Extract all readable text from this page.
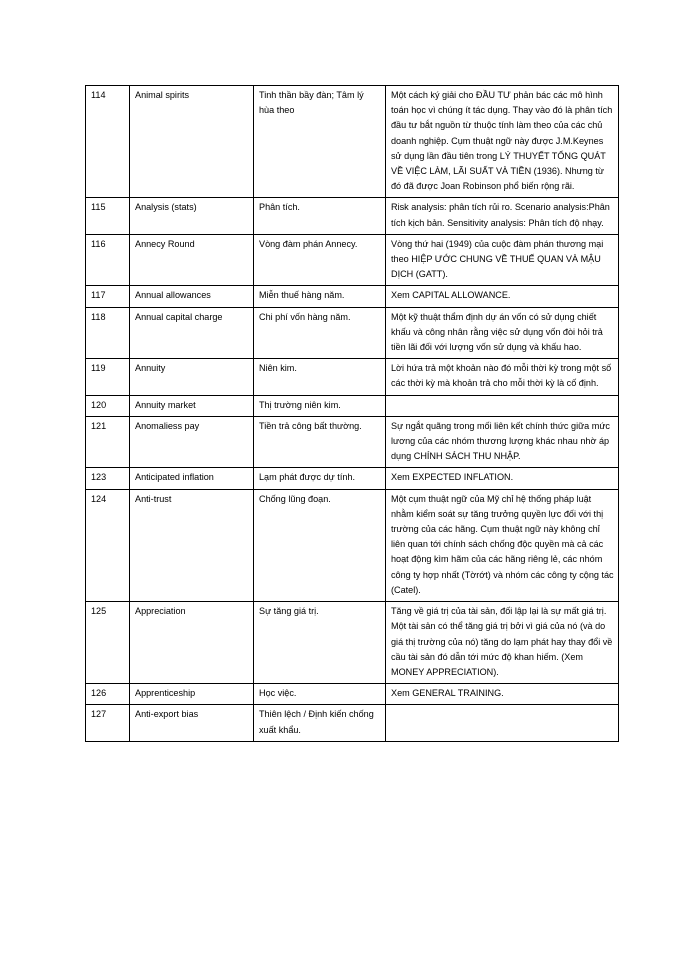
114	Animal spirits	Tinh thần bầy đàn; Tâm lý hùa theo	Một cách ký giải cho ĐẦU TƯ phản bác các mô hình toán học vì chúng ít tác dụng. Thay vào đó là phân tích đầu tư bắt nguồn từ thuộc tính làm theo của các chủ doanh nghiệp. Cụm thuật ngữ này được J.M.Keynes sử dụng lần đầu tiên trong LÝ THUYẾT TỔNG QUÁT VỀ VIỆC LÀM, LÃI SUẤT VÀ TIỀN (1936). Nhưng từ đó đã được Joan Robinson phổ biến rộng rãi.
115	Analysis (stats)	Phân tích.	Risk analysis: phân tích rủi ro. Scenario analysis:Phân tích kịch bản. Sensitivity analysis: Phân tích độ nhạy.
116	Annecy Round	Vòng đàm phán Annecy.	Vòng thứ hai (1949) của cuộc đàm phán thương mại theo HIỆP ƯỚC CHUNG VỀ THUẾ QUAN VÀ MẬU DỊCH (GATT).
117	Annual allowances	Miễn thuế hàng năm.	Xem CAPITAL ALLOWANCE.
118	Annual capital charge	Chi phí vốn hàng năm.	Một kỹ thuật thẩm định dự án vốn có sử dụng chiết khấu và công nhân rằng việc sử dụng vốn đòi hỏi trả tiền lãi đối với lượng vốn sử dụng và khấu hao.
119	Annuity	Niên kim.	Lời hứa trả một khoản nào đó mỗi thời kỳ trong một số các thời kỳ mà khoản trả cho mỗi thời kỳ là cố định.
120	Annuity market	Thị trường niên kim.	
121	Anomaliess pay	Tiền trả công bất thường.	Sự ngắt quãng trong mối liên kết chính thức giữa mức lương của các nhóm thương lượng khác nhau nhờ áp dụng CHÍNH SÁCH THU NHẬP.
123	Anticipated inflation	Lạm phát được dự tính.	Xem EXPECTED INFLATION.
124	Anti-trust	Chống lũng đoạn.	Một cụm thuật ngữ của Mỹ chỉ hệ thống pháp luật nhằm kiểm soát sự tăng trưởng quyền lực đối với thị trường của các hãng. Cụm thuật ngữ này không chỉ liên quan tới chính sách chống độc quyền mà cả các hoạt động kìm hãm của các hãng riêng lẻ, các nhóm công ty hợp nhất (Tờrớt) và nhóm các công ty cộng tác (Catel).
125	Appreciation	Sự tăng giá trị.	Tăng về giá trị của tài sản, đối lập lại là sự mất giá trị. Một tài sản có thể tăng giá trị bởi vì giá của nó (và do giá thị trường của nó) tăng do lạm phát hay thay đổi về cầu tài sản đó dẫn tới mức độ khan hiếm. (Xem MONEY APPRECIATION).
126	Apprenticeship	Học việc.	Xem GENERAL TRAINING.
127	Anti-export bias	Thiên lệch / Định kiến chống xuất khẩu.	
